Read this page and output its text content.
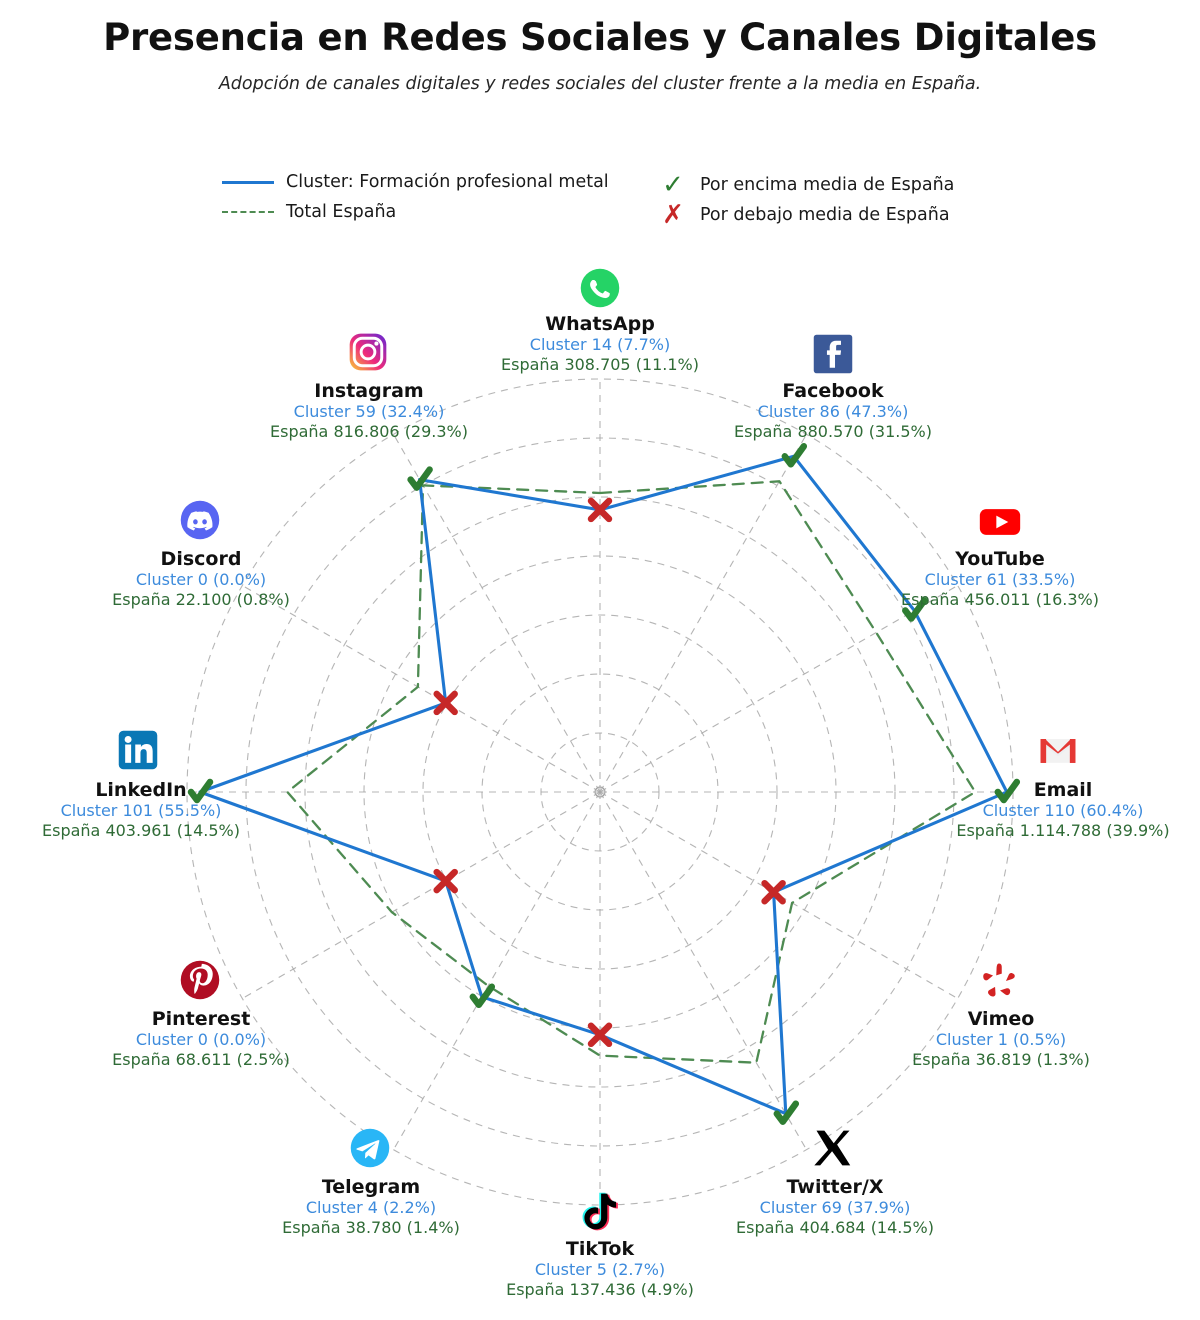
Presencia en Redes Sociales y Canales Digitales
Adopción de canales digitales y redes sociales del cluster frente a la media en España.
Cluster: Formación profesional metal
Total España
✓ Por encima media de España
✗ Por debajo media de España
WhatsApp
Cluster 14 (7.7%)
España 308.705 (11.1%)
Facebook
Cluster 86 (47.3%)
España 880.570 (31.5%)
YouTube
Cluster 61 (33.5%)
España 456.011 (16.3%)
Email
Cluster 110 (60.4%)
España 1.114.788 (39.9%)
Vimeo
Cluster 1 (0.5%)
España 36.819 (1.3%)
Twitter/X
Cluster 69 (37.9%)
España 404.684 (14.5%)
TikTok
Cluster 5 (2.7%)
España 137.436 (4.9%)
Telegram
Cluster 4 (2.2%)
España 38.780 (1.4%)
Pinterest
Cluster 0 (0.0%)
España 68.611 (2.5%)
LinkedIn
Cluster 101 (55.5%)
España 403.961 (14.5%)
Discord
Cluster 0 (0.0%)
España 22.100 (0.8%)
Instagram
Cluster 59 (32.4%)
España 816.806 (29.3%)
